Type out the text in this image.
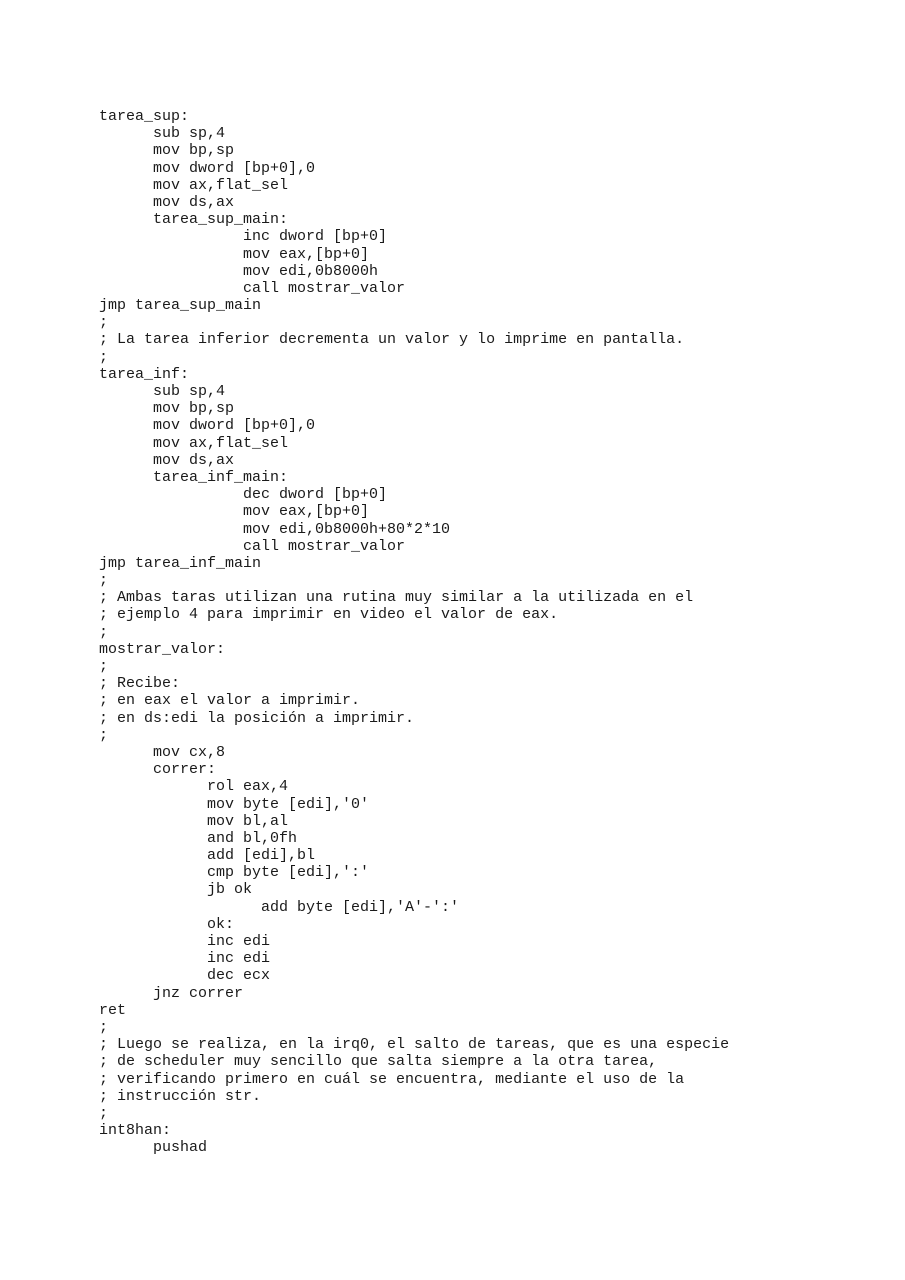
tarea_sup:
sub sp,4
mov bp,sp
mov dword [bp+0],0
mov ax,flat_sel
mov ds,ax
tarea_sup_main:
inc dword [bp+0]
mov eax,[bp+0]
mov edi,0b8000h
call mostrar_valor
jmp tarea_sup_main
;
; La tarea inferior decrementa un valor y lo imprime en pantalla.
;
tarea_inf:
sub sp,4
mov bp,sp
mov dword [bp+0],0
mov ax,flat_sel
mov ds,ax
tarea_inf_main:
dec dword [bp+0]
mov eax,[bp+0]
mov edi,0b8000h+80*2*10
call mostrar_valor
jmp tarea_inf_main
;
; Ambas taras utilizan una rutina muy similar a la utilizada en el
; ejemplo 4 para imprimir en video el valor de eax.
;
mostrar_valor:
;
; Recibe:
; en eax el valor a imprimir.
; en ds:edi la posición a imprimir.
;
mov cx,8
correr:
rol eax,4
mov byte [edi],'0'
mov bl,al
and bl,0fh
add [edi],bl
cmp byte [edi],':'
jb ok
add byte [edi],'A'-':'
ok:
inc edi
inc edi
dec ecx
jnz correr
ret
;
; Luego se realiza, en la irq0, el salto de tareas, que es una especie
; de scheduler muy sencillo que salta siempre a la otra tarea,
; verificando primero en cuál se encuentra, mediante el uso de la
; instrucción str.
;
int8han:
pushad
